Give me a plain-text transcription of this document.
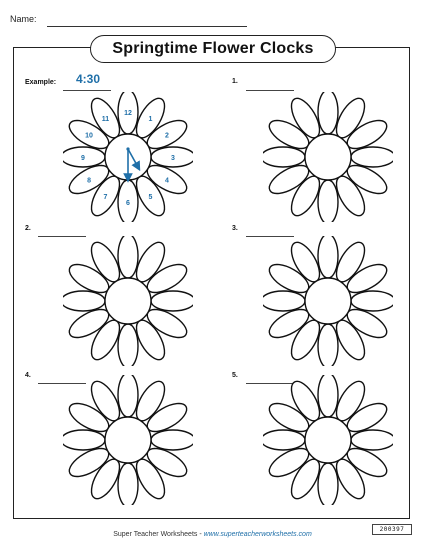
Name:
Springtime Flower Clocks
Example:	4:30
12
1
2
3
4
5
6
7
8
9
10
11
1.
2.	3.
4.	5.
Super Teacher Worksheets - www.superteacherworksheets.com
200397
